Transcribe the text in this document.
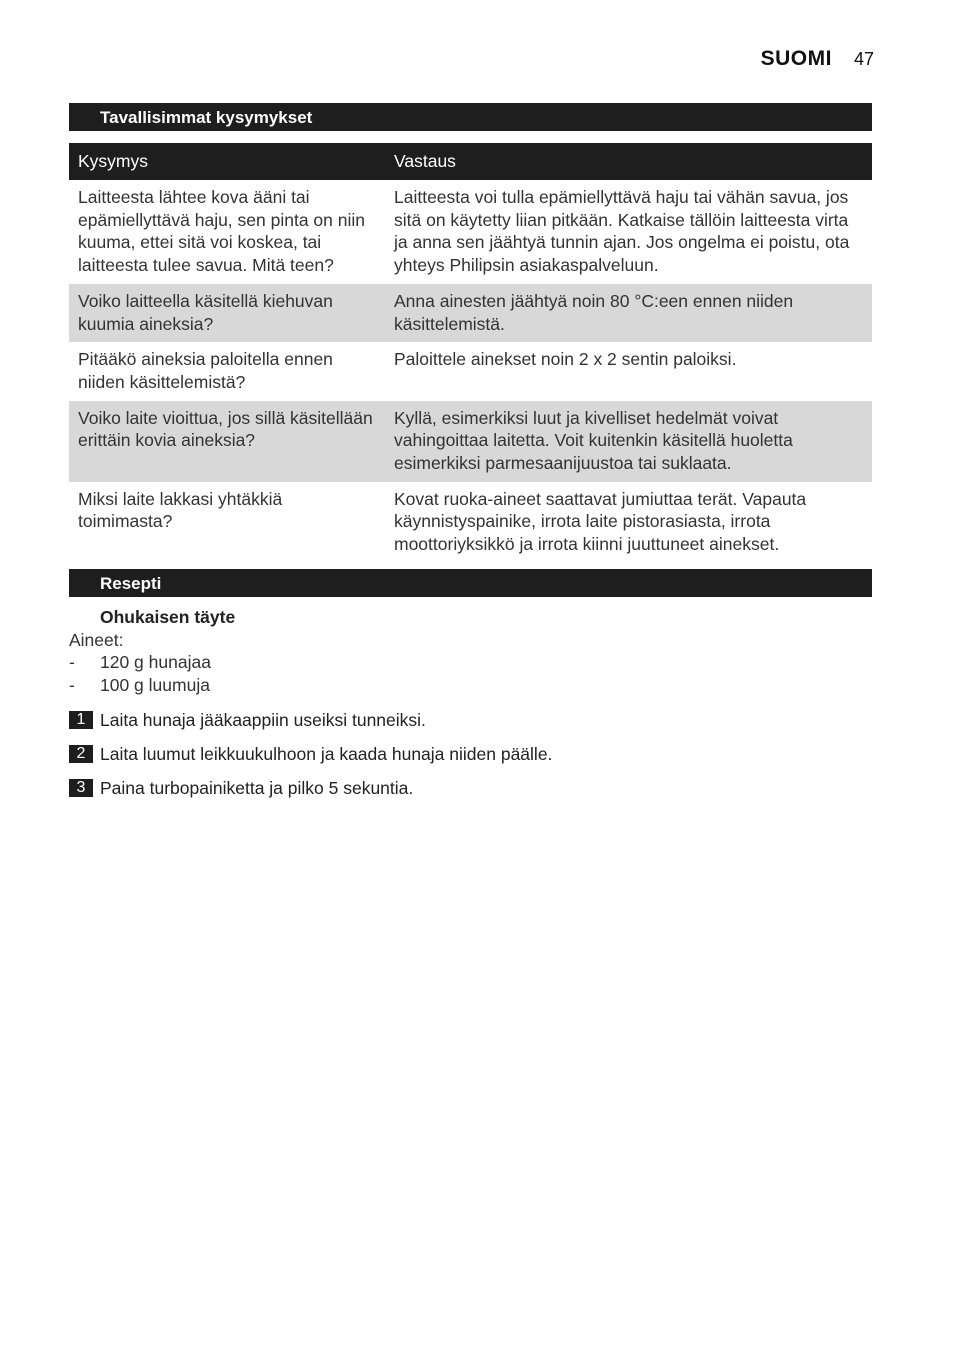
SUOMI 47
Tavallisimmat kysymykset
Kysymys	Vastaus
Laitteesta lähtee kova ääni tai epämiellyttävä haju, sen pinta on niin kuuma, ettei sitä voi koskea, tai laitteesta tulee savua. Mitä teen?	Laitteesta voi tulla epämiellyttävä haju tai vähän savua, jos sitä on käytetty liian pitkään. Katkaise tällöin laitteesta virta ja anna sen jäähtyä tunnin ajan. Jos ongelma ei poistu, ota yhteys Philipsin asiakaspalveluun.
Voiko laitteella käsitellä kiehuvan kuumia aineksia?	Anna ainesten jäähtyä noin 80 °C:een ennen niiden käsittelemistä.
Pitääkö aineksia paloitella ennen niiden käsittelemistä?	Paloittele ainekset noin 2 x 2 sentin paloiksi.
Voiko laite vioittua, jos sillä käsitellään erittäin kovia aineksia?	Kyllä, esimerkiksi luut ja kivelliset hedelmät voivat vahingoittaa laitetta. Voit kuitenkin käsitellä huoletta esimerkiksi parmesaanijuustoa tai suklaata.
Miksi laite lakkasi yhtäkkiä toimimasta?	Kovat ruoka-aineet saattavat jumiuttaa terät. Vapauta käynnistyspainike, irrota laite pistorasiasta, irrota moottoriyksikkö ja irrota kiinni juuttuneet ainekset.
Resepti
Ohukaisen täyte
Aineet:
-	120 g hunajaa
-	100 g luumuja
1 Laita hunaja jääkaappiin useiksi tunneiksi.
2 Laita luumut leikkuukulhoon ja kaada hunaja niiden päälle.
3 Paina turbopainiketta ja pilko 5 sekuntia.
